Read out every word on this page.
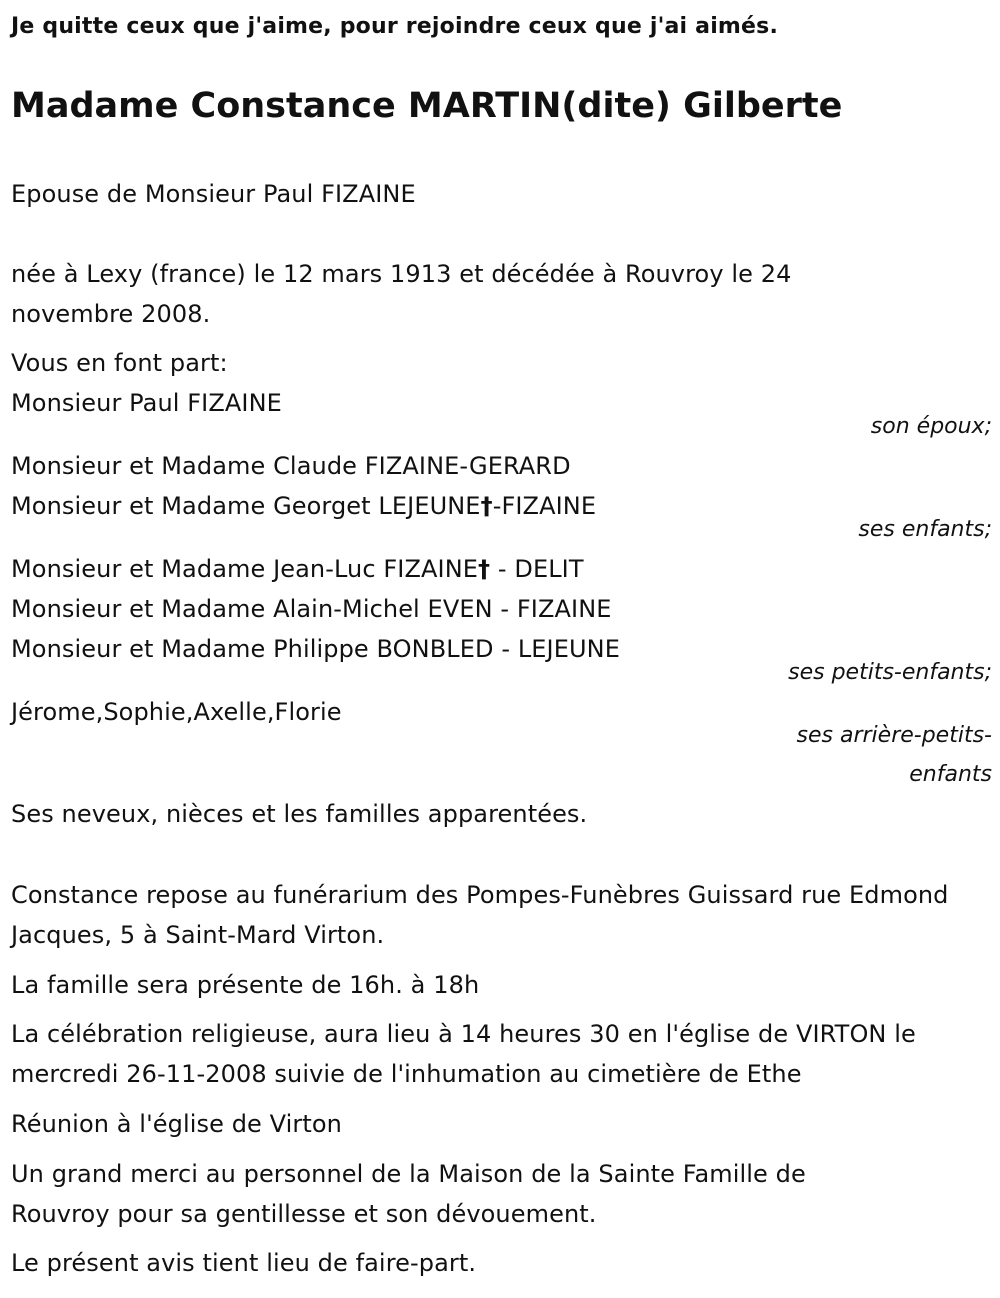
Je quitte ceux que j'aime, pour rejoindre ceux que j'ai aimés.
Madame Constance MARTIN(dite) Gilberte
Epouse de Monsieur Paul FIZAINE
née à Lexy (france) le 12 mars 1913 et décédée à Rouvroy le 24 novembre 2008.
Vous en font part:
Monsieur Paul FIZAINE
son époux;
Monsieur et Madame Claude FIZAINE-GERARD
Monsieur et Madame Georget LEJEUNE†-FIZAINE
ses enfants;
Monsieur et Madame Jean-Luc FIZAINE† - DELIT
Monsieur et Madame Alain-Michel EVEN - FIZAINE
Monsieur et Madame Philippe BONBLED - LEJEUNE
ses petits-enfants;
Jérome,Sophie,Axelle,Florie
ses arrière-petits-enfants
Ses neveux, nièces et les familles apparentées.
Constance repose au funérarium des Pompes-Funèbres Guissard rue Edmond Jacques, 5 à Saint-Mard Virton.
La famille sera présente de 16h. à 18h
La célébration religieuse, aura lieu à 14 heures 30 en l'église de VIRTON le mercredi 26-11-2008 suivie de l'inhumation au cimetière de Ethe
Réunion à l'église de Virton
Un grand merci au personnel de la Maison de la Sainte Famille de Rouvroy pour sa gentillesse et son dévouement.
Le présent avis tient lieu de faire-part.
